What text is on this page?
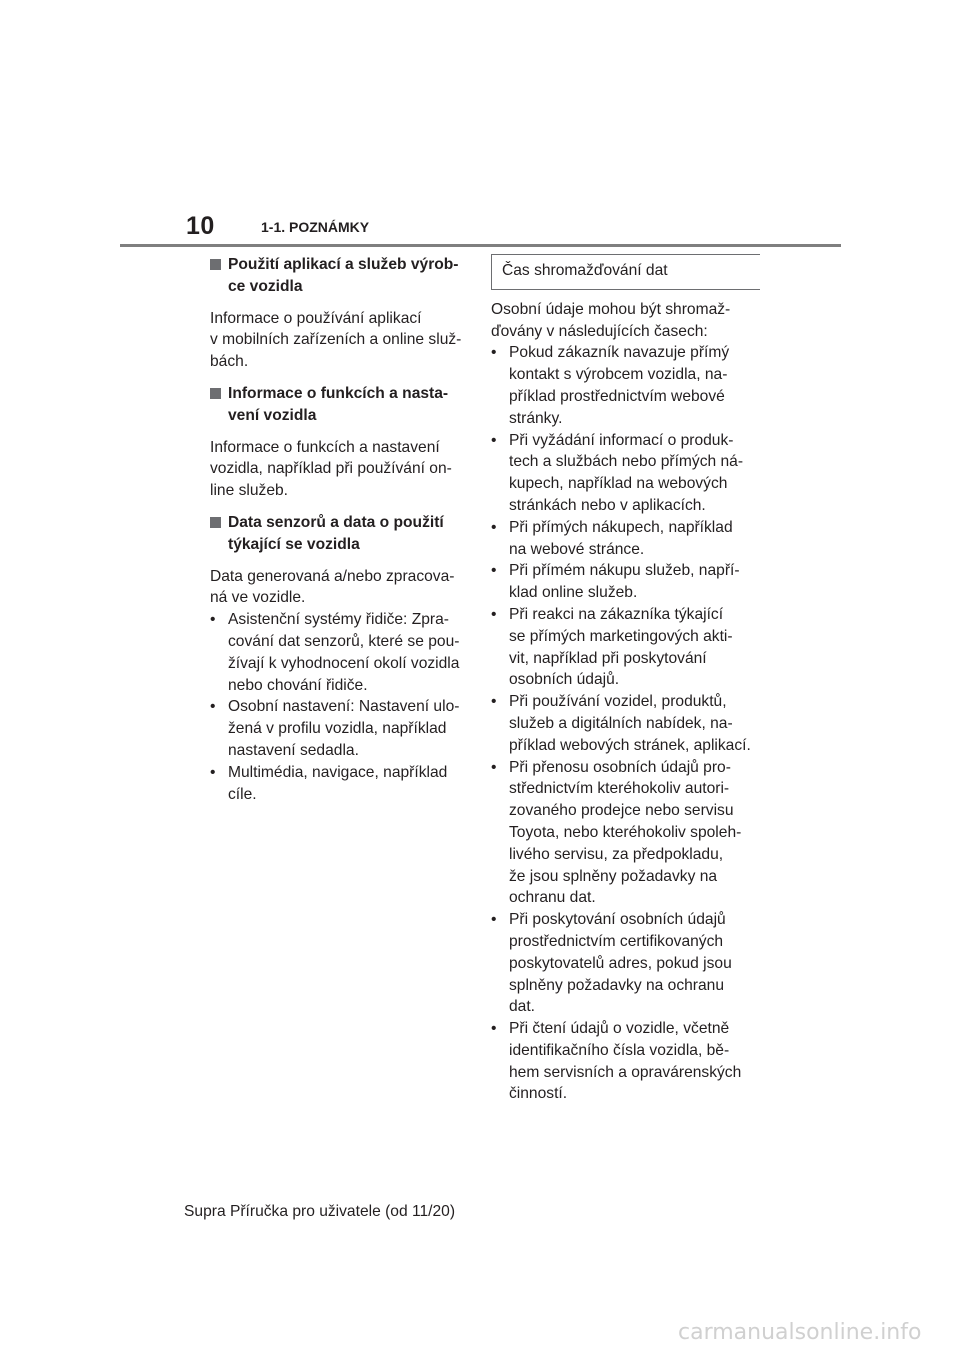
10	1-1. POZNÁMKY
Použití aplikací a služeb výrob-
ce vozidla
Informace o používání aplikací
v mobilních zařízeních a online služ-
bách.
Informace o funkcích a nasta-
vení vozidla
Informace o funkcích a nastavení
vozidla, například při používání on-
line služeb.
Data senzorů a data o použití
týkající se vozidla
Data generovaná a/nebo zpracova-
ná ve vozidle.
• Asistenční systémy řidiče: Zpra-
cování dat senzorů, které se pou-
žívají k vyhodnocení okolí vozidla
nebo chování řidiče.
• Osobní nastavení: Nastavení ulo-
žená v profilu vozidla, například
nastavení sedadla.
• Multimédia, navigace, například
cíle.
Čas shromažďování dat
Osobní údaje mohou být shromaž-
ďovány v následujících časech:
• Pokud zákazník navazuje přímý
kontakt s výrobcem vozidla, na-
příklad prostřednictvím webové
stránky.
• Při vyžádání informací o produk-
tech a službách nebo přímých ná-
kupech, například na webových
stránkách nebo v aplikacích.
• Při přímých nákupech, například
na webové stránce.
• Při přímém nákupu služeb, napří-
klad online služeb.
• Při reakci na zákazníka týkající
se přímých marketingových akti-
vit, například při poskytování
osobních údajů.
• Při používání vozidel, produktů,
služeb a digitálních nabídek, na-
příklad webových stránek, aplikací.
• Při přenosu osobních údajů pro-
střednictvím kteréhokoliv autori-
zovaného prodejce nebo servisu
Toyota, nebo kteréhokoliv spoleh-
livého servisu, za předpokladu,
že jsou splněny požadavky na
ochranu dat.
• Při poskytování osobních údajů
prostřednictvím certifikovaných
poskytovatelů adres, pokud jsou
splněny požadavky na ochranu
dat.
• Při čtení údajů o vozidle, včetně
identifikačního čísla vozidla, bě-
hem servisních a opravárenských
činností.
Supra Příručka pro uživatele (od 11/20)
carmanualsonline.info
